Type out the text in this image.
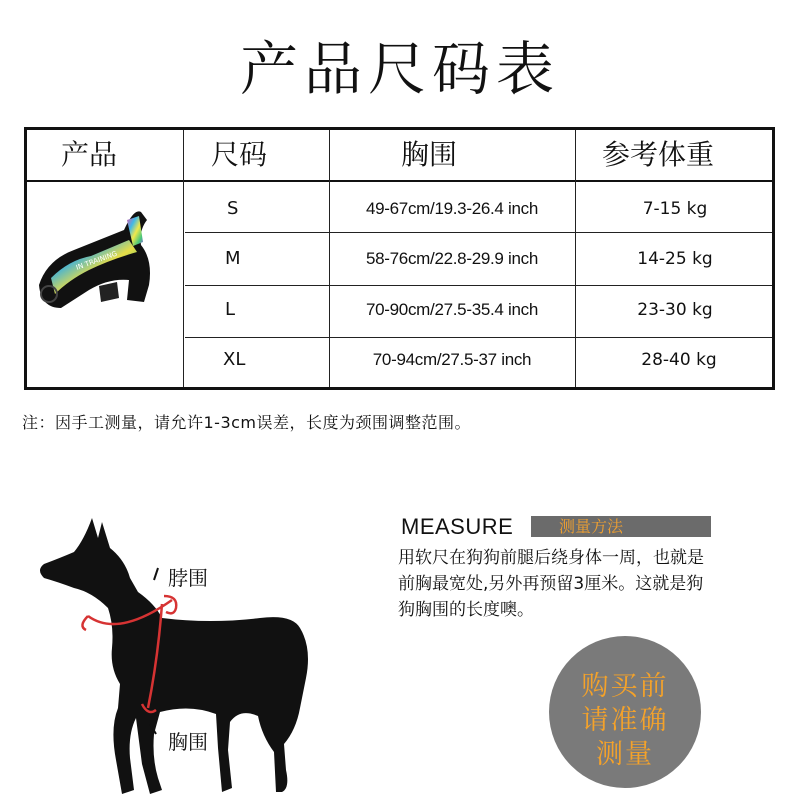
产品尺码表
产品	尺码	胸围	参考体重
IN TRAINING
S	49-67cm/19.3-26.4 inch	7-15 kg
M	58-76cm/22.8-29.9 inch	14-25 kg
L	70-90cm/27.5-35.4 inch	23-30 kg
XL	70-94cm/27.5-37 inch	28-40 kg
注：因手工测量，请允许1-3cm误差，长度为颈围调整范围。
脖围
胸围
MEASURE	测量方法
用软尺在狗狗前腿后绕身体一周，也就是
前胸最宽处,另外再预留3厘米。这就是狗
狗胸围的长度噢。
购买前
请准确
测量
